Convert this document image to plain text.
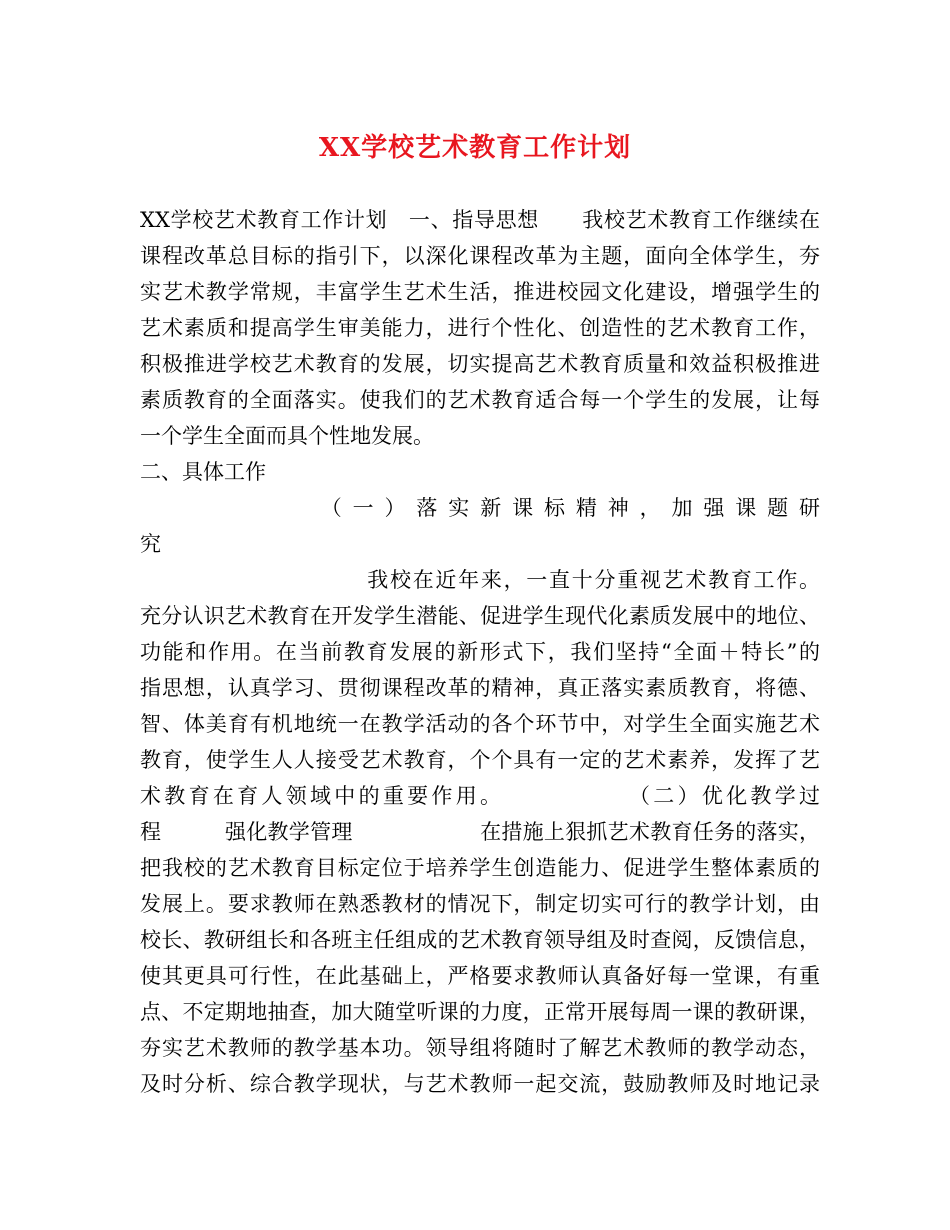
XX学校艺术教育工作计划
XX学校艺术教育工作计划　一、指导思想　　我校艺术教育工作继续在
课程改革总目标的指引下，以深化课程改革为主题，面向全体学生，夯
实艺术教学常规，丰富学生艺术生活，推进校园文化建设，增强学生的
艺术素质和提高学生审美能力，进行个性化、创造性的艺术教育工作，
积极推进学校艺术教育的发展，切实提高艺术教育质量和效益积极推进
素质教育的全面落实。使我们的艺术教育适合每一个学生的发展，让每
一个学生全面而具个性地发展。
二、具体工作
　　　　　　（一）落实新课标精神，加强课题研
究
　　　　　　　　　　我校在近年来，一直十分重视艺术教育工作。
充分认识艺术教育在开发学生潜能、促进学生现代化素质发展中的地位、
功能和作用。在当前教育发展的新形式下，我们坚持“全面＋特长”的
指思想，认真学习、贯彻课程改革的精神，真正落实素质教育，将德、
智、体美育有机地统一在教学活动的各个环节中，对学生全面实施艺术
教育，使学生人人接受艺术教育，个个具有一定的艺术素养，发挥了艺
术教育在育人领域中的重要作用。　　　　　　（二）优化教学过
程　　　强化教学管理　　　　　　在措施上狠抓艺术教育任务的落实，
把我校的艺术教育目标定位于培养学生创造能力、促进学生整体素质的
发展上。要求教师在熟悉教材的情况下，制定切实可行的教学计划，由
校长、教研组长和各班主任组成的艺术教育领导组及时查阅，反馈信息，
使其更具可行性，在此基础上，严格要求教师认真备好每一堂课，有重
点、不定期地抽查，加大随堂听课的力度，正常开展每周一课的教研课，
夯实艺术教师的教学基本功。领导组将随时了解艺术教师的教学动态，
及时分析、综合教学现状，与艺术教师一起交流，鼓励教师及时地记录
